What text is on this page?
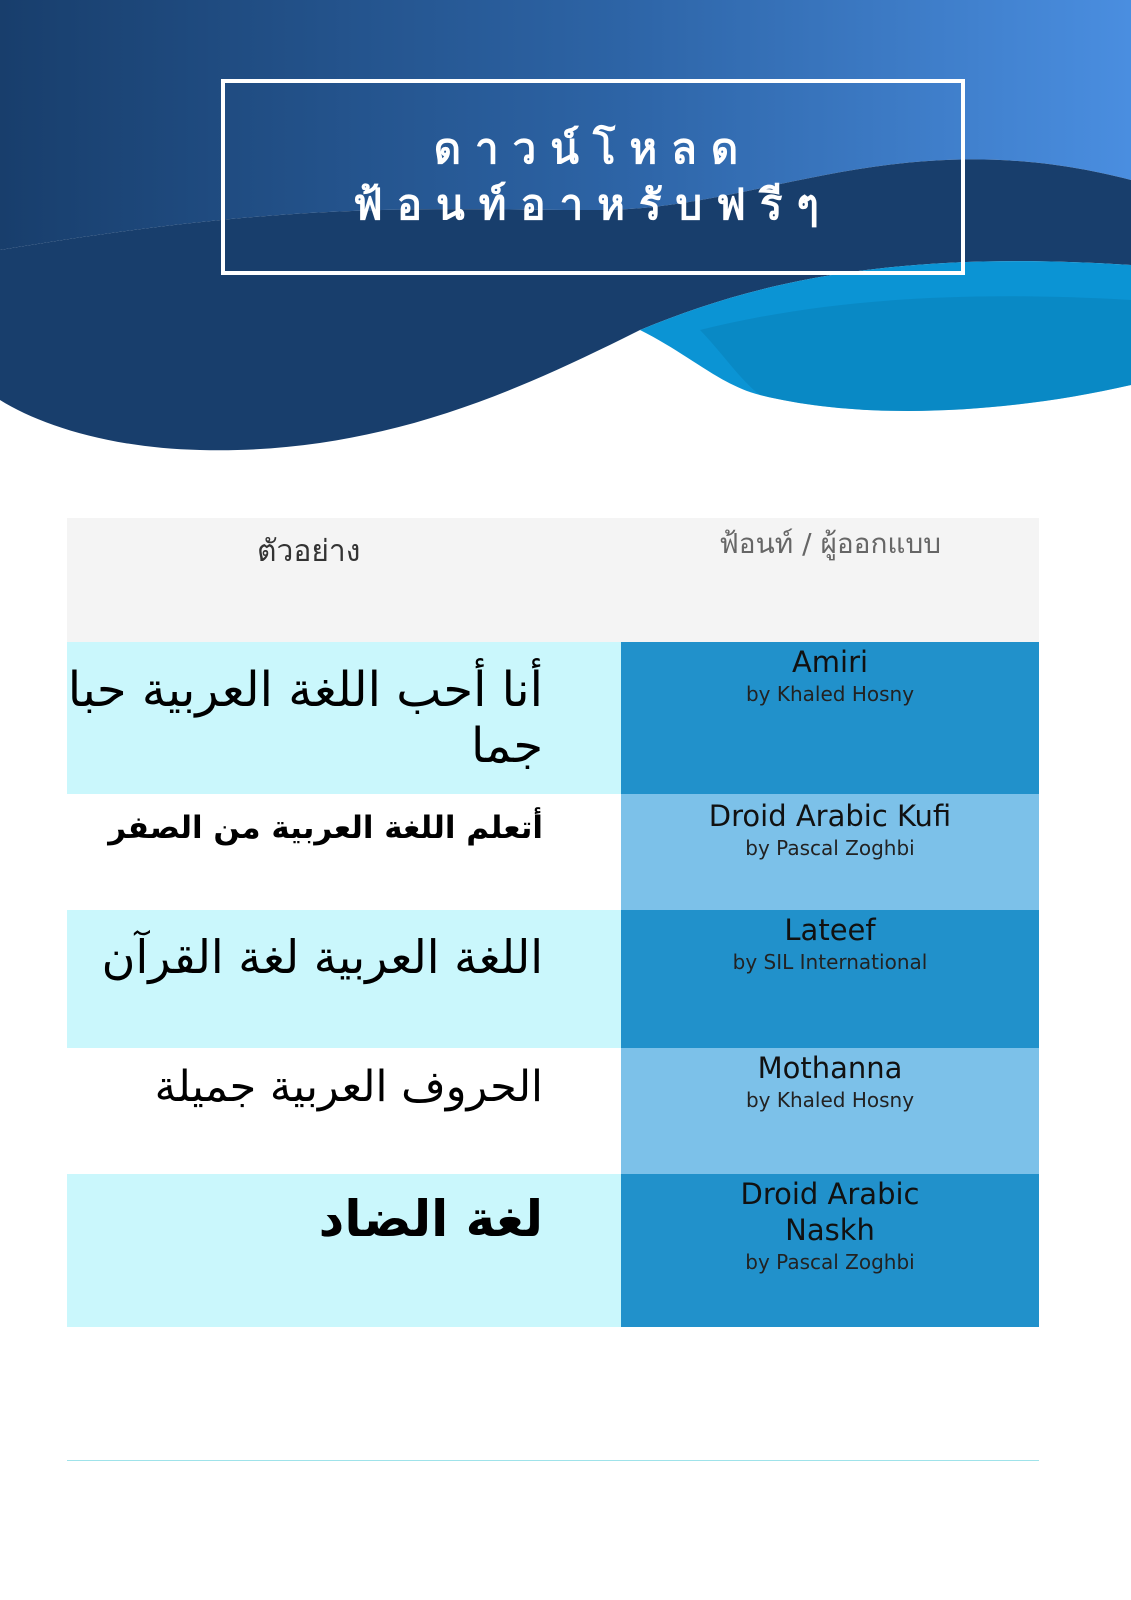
ดาวน์โหลด
ฟ้อนท์อาหรับฟรีๆ
ตัวอย่าง	ฟ้อนท์ / ผู้ออกแบบ

أنا أحب اللغة العربية حبا جما	Amiri
by Khaled Hosny

أتعلم اللغة العربية من الصفر	Droid Arabic Kufi
by Pascal Zoghbi

اللغة العربية لغة القرآن	Lateef
by SIL International

الحروف العربية جميلة	Mothanna
by Khaled Hosny

لغة الضاد	Droid Arabic Naskh
by Pascal Zoghbi
